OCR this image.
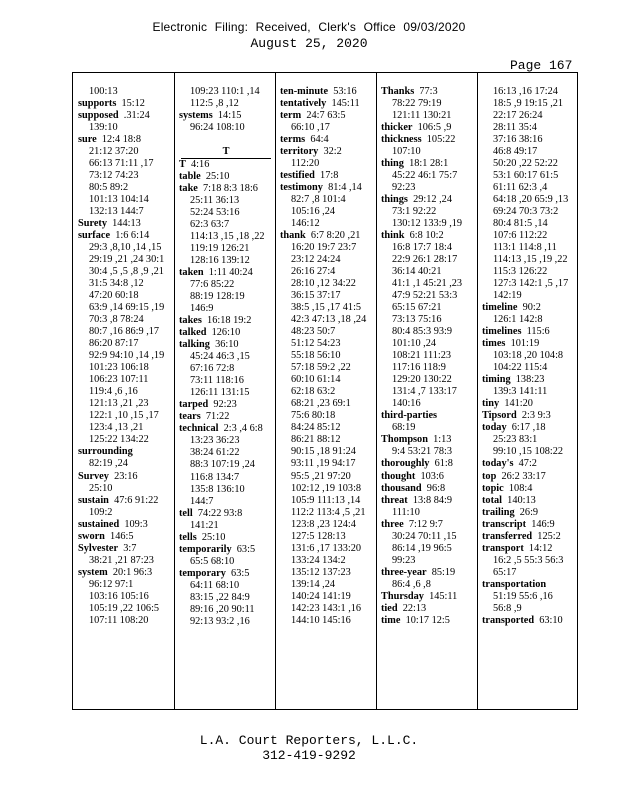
Electronic Filing: Received, Clerk's Office 09/03/2020
August 25, 2020
Page 167
100:13
supports 15:12
supposed .31:24
139:10
sure 12:4 18:8
21:12 37:20
66:13 71:11 ,17
73:12 74:23
80:5 89:2
101:13 104:14
132:13 144:7
Surety 144:13
surface 1:6 6:14
29:3 ,8,10 ,14 ,15
29:19 ,21 ,24 30:1
30:4 ,5 ,5 ,8 ,9 ,21
31:5 34:8 ,12
47:20 60:18
63:9 ,14 69:15 ,19
70:3 ,8 78:24
80:7 ,16 86:9 ,17
86:20 87:17
92:9 94:10 ,14 ,19
101:23 106:18
106:23 107:11
119:4 ,6 ,16
121:13 ,21 ,23
122:1 ,10 ,15 ,17
123:4 ,13 ,21
125:22 134:22
surrounding
82:19 ,24
Survey 23:16
25:10
sustain 47:6 91:22
109:2
sustained 109:3
sworn 146:5
Sylvester 3:7
38:21 ,21 87:23
system 20:1 96:3
96:12 97:1
103:16 105:16
105:19 ,22 106:5
107:11 108:20
109:23 110:1 ,14
112:5 ,8 ,12
systems 14:15
96:24 108:10
T
T 4:16
table 25:10
take 7:18 8:3 18:6
25:11 36:13
52:24 53:16
62:3 63:7
114:13 ,15 ,18 ,22
119:19 126:21
128:16 139:12
taken 1:11 40:24
77:6 85:22
88:19 128:19
146:9
takes 16:18 19:2
talked 126:10
talking 36:10
45:24 46:3 ,15
67:16 72:8
73:11 118:16
126:11 131:15
tarped 92:23
tears 71:22
technical 2:3 ,4 6:8
13:23 36:23
38:24 61:22
88:3 107:19 ,24
116:8 134:7
135:8 136:10
144:7
tell 74:22 93:8
141:21
tells 25:10
temporarily 63:5
65:5 68:10
temporary 63:5
64:11 68:10
83:15 ,22 84:9
89:16 ,20 90:11
92:13 93:2 ,16
ten-minute 53:16
tentatively 145:11
term 24:7 63:5
66:10 ,17
terms 64:4
territory 32:2
112:20
testified 17:8
testimony 81:4 ,14
82:7 ,8 101:4
105:16 ,24
146:12
thank 6:7 8:20 ,21
16:20 19:7 23:7
23:12 24:24
26:16 27:4
28:10 ,12 34:22
36:15 37:17
38:5 ,15 ,17 41:5
42:3 47:13 ,18 ,24
48:23 50:7
51:12 54:23
55:18 56:10
57:18 59:2 ,22
60:10 61:14
62:18 63:2
68:21 ,23 69:1
75:6 80:18
84:24 85:12
86:21 88:12
90:15 ,18 91:24
93:11 ,19 94:17
95:5 ,21 97:20
102:12 ,19 103:8
105:9 111:13 ,14
112:2 113:4 ,5 ,21
123:8 ,23 124:4
127:5 128:13
131:6 ,17 133:20
133:24 134:2
135:12 137:23
139:14 ,24
140:24 141:19
142:23 143:1 ,16
144:10 145:16
Thanks 77:3
78:22 79:19
121:11 130:21
thicker 106:5 ,9
thickness 105:22
107:10
thing 18:1 28:1
45:22 46:1 75:7
92:23
things 29:12 ,24
73:1 92:22
130:12 133:9 ,19
think 6:8 10:2
16:8 17:7 18:4
22:9 26:1 28:17
36:14 40:21
41:1 ,1 45:21 ,23
47:9 52:21 53:3
65:15 67:21
73:13 75:16
80:4 85:3 93:9
101:10 ,24
108:21 111:23
117:16 118:9
129:20 130:22
131:4 ,7 133:17
140:16
third-parties
68:19
Thompson 1:13
9:4 53:21 78:3
thoroughly 61:8
thought 103:6
thousand 96:8
threat 13:8 84:9
111:10
three 7:12 9:7
30:24 70:11 ,15
86:14 ,19 96:5
99:23
three-year 85:19
86:4 ,6 ,8
Thursday 145:11
tied 22:13
time 10:17 12:5
16:13 ,16 17:24
18:5 ,9 19:15 ,21
22:17 26:24
28:11 35:4
37:16 38:16
46:8 49:17
50:20 ,22 52:22
53:1 60:17 61:5
61:11 62:3 ,4
64:18 ,20 65:9 ,13
69:24 70:3 73:2
80:4 81:5 ,14
107:6 112:22
113:1 114:8 ,11
114:13 ,15 ,19 ,22
115:3 126:22
127:3 142:1 ,5 ,17
142:19
timeline 90:2
126:1 142:8
timelines 115:6
times 101:19
103:18 ,20 104:8
104:22 115:4
timing 138:23
139:3 141:11
tiny 141:20
Tipsord 2:3 9:3
today 6:17 ,18
25:23 83:1
99:10 ,15 108:22
today's 47:2
top 26:2 33:17
topic 108:4
total 140:13
trailing 26:9
transcript 146:9
transferred 125:2
transport 14:12
16:2 ,5 55:3 56:3
65:17
transportation
51:19 55:6 ,16
56:8 ,9
transported 63:10
L.A. Court Reporters, L.L.C.
312-419-9292
